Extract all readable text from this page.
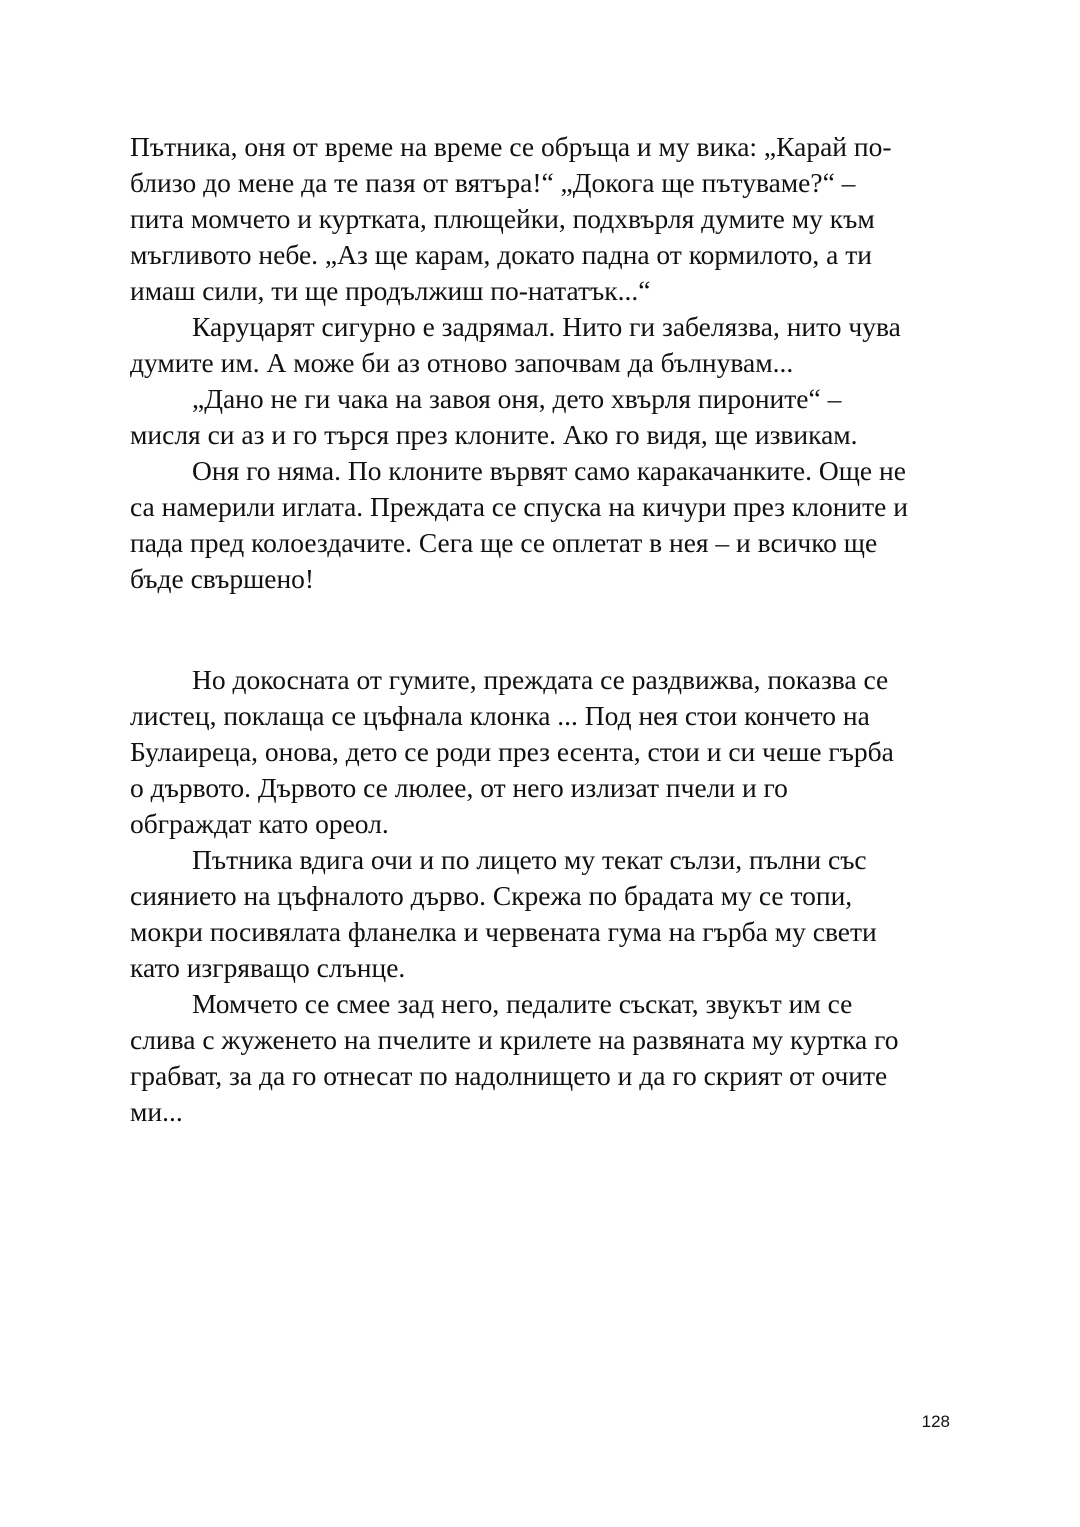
Пътника, оня от време на време се обръща и му вика: „Карай по-

близо до мене да те пазя от вятъра!“ „Докога ще пътуваме?“ –

пита момчето и куртката, плющейки, подхвърля думите му към

мъгливото небе. „Аз ще карам, докато падна от кормилото, а ти

имаш сили, ти ще продължиш по-нататък...“

Каруцарят сигурно е задрямал. Нито ги забелязва, нито чува

думите им. А може би аз отново започвам да бълнувам...

„Дано не ги чака на завоя оня, дето хвърля пироните“ –

мисля си аз и го търся през клоните. Ако го видя, ще извикам.

Оня го няма. По клоните вървят само каракачанките. Още не

са намерили иглата. Преждата се спуска на кичури през клоните и

пада пред колоездачите. Сега ще се оплетат в нея – и всичко ще

бъде свършено!

Но докосната от гумите, преждата се раздвижва, показва се

листец, поклаща се цъфнала клонка ... Под нея стои кончето на

Булаиреца, онова, дето се роди през есента, стои и си чеше гърба

о дървото. Дървото се люлее, от него излизат пчели и го

обграждат като ореол.

Пътника вдига очи и по лицето му текат сълзи, пълни със

сиянието на цъфналото дърво. Скрежа по брадата му се топи,

мокри посивялата фланелка и червената гума на гърба му свети

като изгряващо слънце.

Момчето се смее зад него, педалите съскат, звукът им се

слива с жуженето на пчелите и крилете на развяната му куртка го

грабват, за да го отнесат по надолнището и да го скрият от очите

ми...

128
